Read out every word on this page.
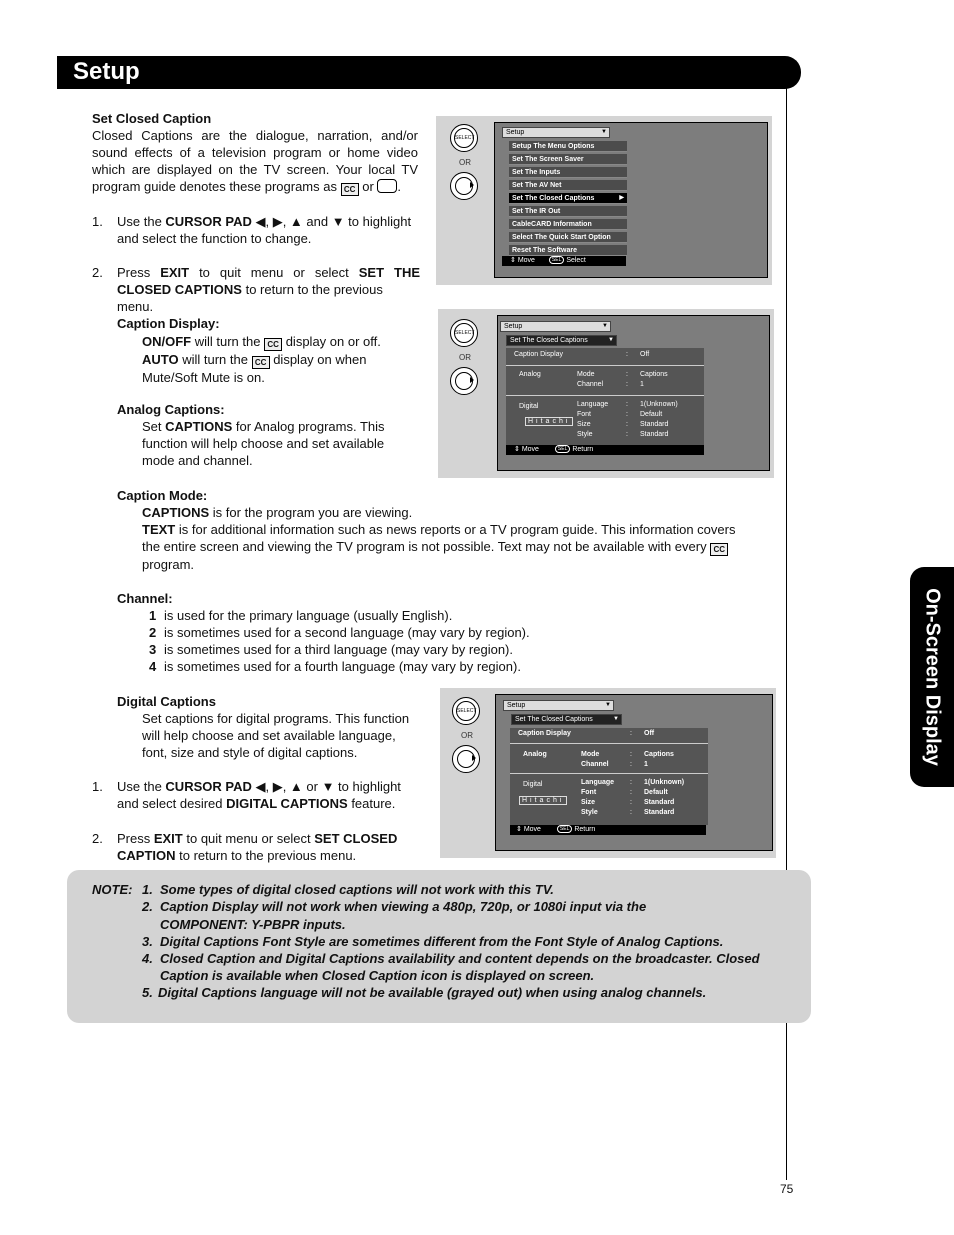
Setup
On-Screen Display
75
Set Closed Caption
Closed Captions are the dialogue, narration, and/or sound effects of a television program or home video which are displayed on the TV screen. Your local TV program guide denotes these programs as CC or .
1. Use the CURSOR PAD ◀, ▶, ▲ and ▼ to highlight
and select the function to change.
2. Press EXIT to quit menu or select SET THE
CLOSED CAPTIONS to return to the previous menu.
Caption Display:
ON/OFF will turn the CC display on or off.
AUTO will turn the CC display on when
Mute/Soft Mute is on.
Analog Captions:
Set CAPTIONS for Analog programs. This
function will help choose and set available
mode and channel.
Caption Mode:
CAPTIONS is for the program you are viewing.
TEXT is for additional information such as news reports or a TV program guide. This information covers
the entire screen and viewing the TV program is not possible. Text may not be available with every CC
program.
Channel:
1 is used for the primary language (usually English).
2 is sometimes used for a second language (may vary by region).
3 is sometimes used for a third language (may vary by region).
4 is sometimes used for a fourth language (may vary by region).
Digital Captions
Set captions for digital programs. This function
will help choose and set available language,
font, size and style of digital captions.
1. Use the CURSOR PAD ◀, ▶, ▲ or ▼ to highlight
and select desired DIGITAL CAPTIONS feature.
2. Press EXIT to quit menu or select SET CLOSED
CAPTION to return to the previous menu.
SELECT
OR
Setup	▼
Setup The Menu Options
Set The Screen Saver
Set The Inputs
Set The AV Net
Set The Closed Captions	▶
Set The IR Out
CableCARD Information
Select The Quick Start Option
Reset The Software
⇕ Move	SEL Select
SELECT
OR
Setup	▼
Set The Closed Captions	▼
Caption Display	: Off
Analog	Mode	: Captions
Channel	: 1
Digital
Hitachi
Language	: 1(Unknown)
Font	: Default
Size	: Standard
Style	: Standard
⇕ Move	SEL Return
SELECT
OR
Setup	▼
Set The Closed Captions	▼
Caption Display	: Off
Analog	Mode	: Captions
Channel	: 1
Digital
Hitachi
Language : 1(Unknown)
Font	: Default
Size	: Standard
Style	: Standard
⇕ Move	SEL Return
NOTE: 1. Some types of digital closed captions will not work with this TV.
2. Caption Display will not work when viewing a 480p, 720p, or 1080i input via the
COMPONENT: Y-PBPR inputs.
3. Digital Captions Font Style are sometimes different from the Font Style of Analog Captions.
4. Closed Caption and Digital Captions availability and content depends on the broadcaster. Closed
Caption is available when Closed Caption icon is displayed on screen.
5. Digital Captions language will not be available (grayed out) when using analog channels.
